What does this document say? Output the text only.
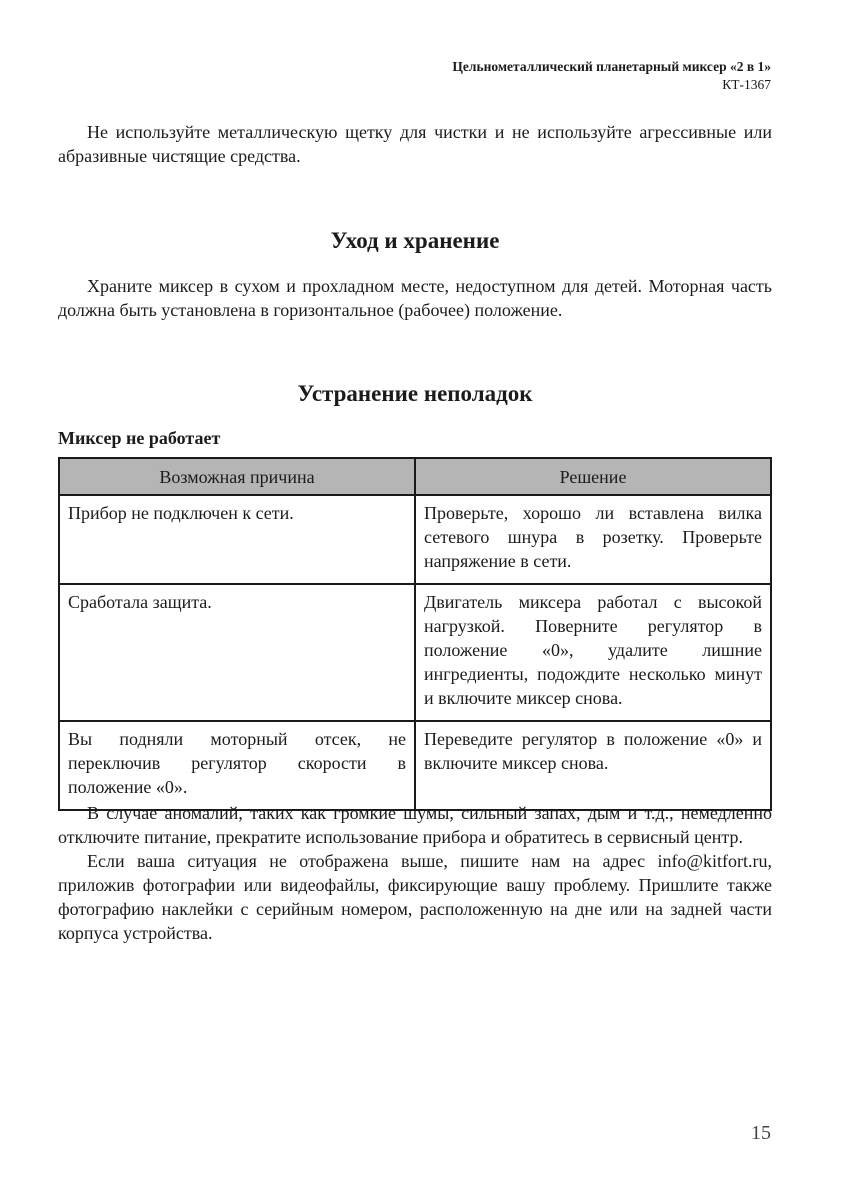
Цельнометаллический планетарный миксер «2 в 1»
КТ-1367

Не используйте металлическую щетку для чистки и не используйте агрессивные или абразивные чистящие средства.

Уход и хранение

Храните миксер в сухом и прохладном месте, недоступном для детей. Моторная часть должна быть установлена в горизонтальное (рабочее) положение.

Устранение неполадок
Миксер не работает
Возможная причина	Решение
Прибор не подключен к сети.	Проверьте, хорошо ли вставлена вилка сетевого шнура в розетку. Проверьте напряжение в сети.
Сработала защита.	Двигатель миксера работал с высокой нагрузкой. Поверните регулятор в положение «0», удалите лишние ингредиенты, подождите несколько минут и включите миксер снова.
Вы подняли моторный отсек, не переключив регулятор скорости в положение «0».	Переведите регулятор в положение «0» и включите миксер снова.

В случае аномалий, таких как громкие шумы, сильный запах, дым и т.д., немедленно отключите питание, прекратите использование прибора и обратитесь в сервисный центр.

Если ваша ситуация не отображена выше, пишите нам на адрес info@kitfort.ru, приложив фотографии или видеофайлы, фиксирующие вашу проблему. Пришлите также фотографию наклейки с серийным номером, расположенную на дне или на задней части корпуса устройства.

15
